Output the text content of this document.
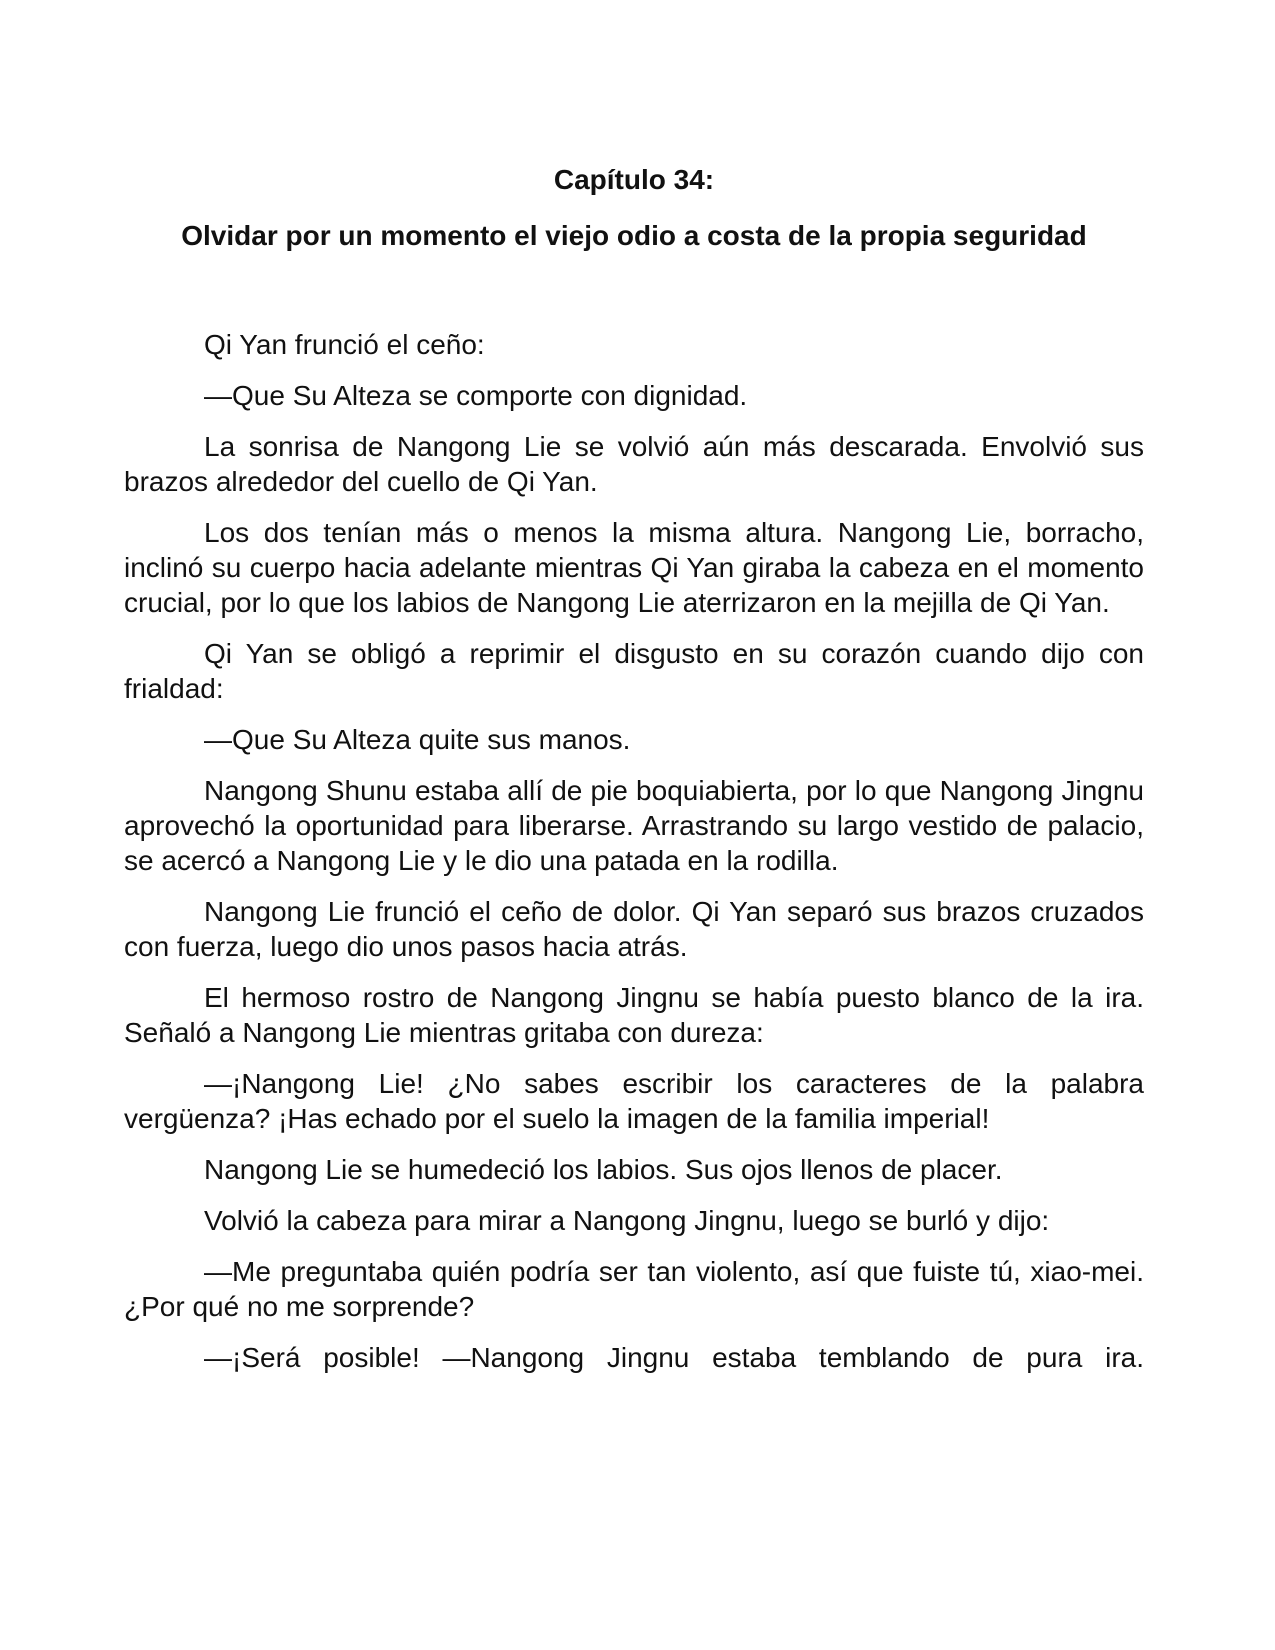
Capítulo 34:
Olvidar por un momento el viejo odio a costa de la propia seguridad

Qi Yan frunció el ceño:

—Que Su Alteza se comporte con dignidad.

La sonrisa de Nangong Lie se volvió aún más descarada. Envolvió sus brazos alrededor del cuello de Qi Yan.

Los dos tenían más o menos la misma altura. Nangong Lie, borracho, inclinó su cuerpo hacia adelante mientras Qi Yan giraba la cabeza en el momento crucial, por lo que los labios de Nangong Lie aterrizaron en la mejilla de Qi Yan.

Qi Yan se obligó a reprimir el disgusto en su corazón cuando dijo con frialdad:

—Que Su Alteza quite sus manos.

Nangong Shunu estaba allí de pie boquiabierta, por lo que Nangong Jingnu aprovechó la oportunidad para liberarse. Arrastrando su largo vestido de palacio, se acercó a Nangong Lie y le dio una patada en la rodilla.

Nangong Lie frunció el ceño de dolor. Qi Yan separó sus brazos cruzados con fuerza, luego dio unos pasos hacia atrás.

El hermoso rostro de Nangong Jingnu se había puesto blanco de la ira. Señaló a Nangong Lie mientras gritaba con dureza:

—¡Nangong Lie! ¿No sabes escribir los caracteres de la palabra vergüenza? ¡Has echado por el suelo la imagen de la familia imperial!

Nangong Lie se humedeció los labios. Sus ojos llenos de placer.

Volvió la cabeza para mirar a Nangong Jingnu, luego se burló y dijo:

—Me preguntaba quién podría ser tan violento, así que fuiste tú, xiao-mei. ¿Por qué no me sorprende?

—¡Será posible! —Nangong Jingnu estaba temblando de pura ira.
